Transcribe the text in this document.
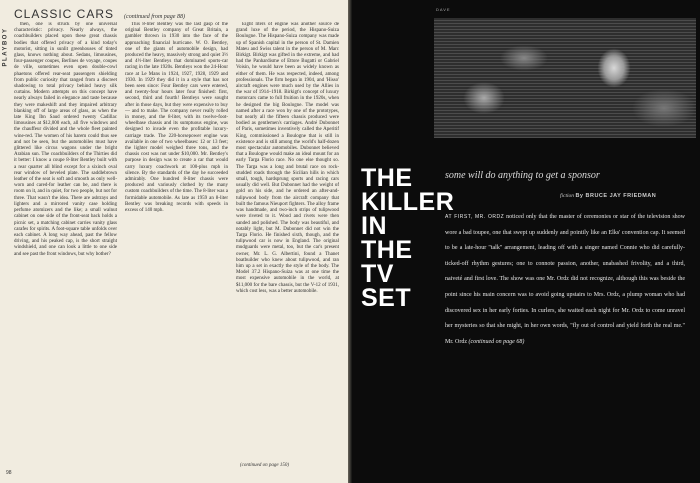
PLAYBOY
CLASSIC CARS (continued from page 88)

then, one is struck by one universal characteristic: privacy. Nearly always, the coachbuilders placed upon these great chassis bodies that offered privacy of a kind today's motorist, sitting in sunlit greenhouses of tinted glass, knows nothing about. Sedans, limousines, four-passenger coupes, Berlines de voyage, coupes de ville, sometimes even open double-cowl phaetons offered rear-seat passengers shielding from public curiosity that ranged from a discreet shadowing to total privacy behind heavy silk curtains. Modern attempts on this concept have nearly always failed in elegance and taste because they were makeshift and they impaired arbitrary blanking off of large areas of glass, as when the late King Ibn Saud ordered twenty Cadillac limousines at $12,000 each, all five windows and the chauffeur divided and the whole fleet painted wine-red. The women of his harem could thus see and not be seen, but the automobiles must have glittered like circus wagons under the bright Arabian sun. The coachbuilders of the Thirties did it better: I know a coupe 8-liter Bentley built with a rear quarter all blind except for a sixinch oval rear window of beveled plate. The saddlebrown leather of the seat is soft and smooth as only well-worn and cared-for leather can be, and there is room on it, and in quiet, for two people, but not for three. That wasn't the idea. There are ashtrays and lighters and a mirrored vanity case holding perfume atomizers and the like; a small walnut cabinet on one side of the front-seat back holds a picnic set, a matching cabinet carries vanity glass carafes for spirits. A foot-square table unfolds over each cabinet. A long way ahead, past the fellow driving, and his peaked cap, is the short straight windshield, and one can look a little to one side and see past the front windows, but why bother?

This 8-liter Bentley was the last gasp of the original Bentley company of Great Britain, a gambler thrown in 1930 into the face of the approaching financial hurricane. W. O. Bentley, one of the giants of automobile design, had produced the heavy, massively strong and quiet 3½ and 4½-liter Bentleys that dominated sports-car racing in the late 1920s. Bentleys won the 24-Hour race at Le Mans in 1924, 1927, 1928, 1929 and 1930. In 1929 they did it in a style that has not been seen since: Four Bentley cars were entered, and twenty-four hours later four finished: first, second, third and fourth! Bentleys were sought after in those days, but they were expensive to buy — and to make. The company never really rolled in money, and the 8-liter, with its twelve-foot-wheelbase chassis and its sumptuous engine, was designed to invade even the profitable luxury-carriage trade. The 220-horsepower engine was available in one of two wheelbases: 12 or 13 feet; the lighter model weighed three tons, and the chassis cost was not under $10,000. Mr. Bentley's purpose in design was to create a car that would carry luxury coachwork at 100-plus mph in silence. By the standards of the day he succeeded admirably. One hundred 8-liter chassis were produced and variously clothed by the many custom coachbuilders of the time. The 8-liter was a formidable automobile. As late as 1959 an 8-liter Bentley was breaking records with speeds in excess of 140 mph.

Eight liters of engine was another source de grand luxe of the period, the Hispano-Suiza Boulogne. The Hispano-Suiza company was made up of Spanish capital in the person of St. Damien Mateu and Swiss talent in the person of M. Marc Birkigt. Birkigt was gifted in the extreme, and had had the Panhardisme of Ettore Bugatti or Gabriel Voisin, he would have been as widely known as either of them. He was respected, indeed, among professionals. The firm began in 1904, and 'Hisso' aircraft engines were much used by the Allies in the war of 1914–1918. Birkigt's concept of luxury motorcars came to full fruition in the 1920s, when he designed the big Boulogne. The model was named after a race won by one of the prototypes, but nearly all the fifteen chassis produced were bodied as gentlemen's carriages. André Dubonnet of Paris, sometimes inventively called the Aperitif King, commissioned a Boulogne that is still in existence and is still among the world's half-dozen most spectacular automobiles. Dubonnet believed that a Boulogne would make an ideal mount for an early Targa Florio race. No one else thought so. The Targa was a long and brutal race on rock-studded roads through the Sicilian hills in which small, tough, hardsprung sports and racing cars usually did well. But Dubonnet had the weight of gold on his side, and he ordered an after-and-tulipwood body from the aircraft company that built the famous Nieuport fighters. The alloy frame was handmade, and two-inch strips of tulipwood were riveted to it. Wood and rivets were then sanded and polished. The body was beautiful, and notably light, but M. Dubonnet did not win the Targa Florio. He finished sixth, though, and the tulipwood car is now in England. The original mudguards were metal, too, but the car's present owner, Mr. L. G. Albertini, found a Thanet boatbuilder who knew about tulipwood, and ran him up a set in exactly the style of the body. The Model 37.2 Hispano-Suiza was at one time the most expensive automobile in the world, at $11,000 for the bare chassis, but the V-12 of 1931, which cost less, was a better automobile.

(continued on page 150)
98
DAVE
THE
KILLER
IN
THE
TV
SET
some will do anything to get a sponsor
fiction By BRUCE JAY FRIEDMAN

AT FIRST, MR. ORDZ noticed only that the master of ceremonies or star of the television show wore a bad toupee, one that swept up suddenly and pointily like an Elks' convention cap. It seemed to be a late-hour "talk" arrangement, leading off with a singer named Connie who did carefully-ticked-off rhythm gestures; one to connote passion, another, unabashed frivolity, and a third, naiveté and first love. The show was one Mr. Ordz did not recognize, although this was beside the point since his main concern was to avoid going upstairs to Mrs. Ordz, a plump woman who had discovered sex in her early forties. In curlers, she waited each night for Mr. Ordz to come unravel her mysteries so that she might, in her own words, "fly out of control and yield forth the real me." Mr. Ordz (continued on page 68)
